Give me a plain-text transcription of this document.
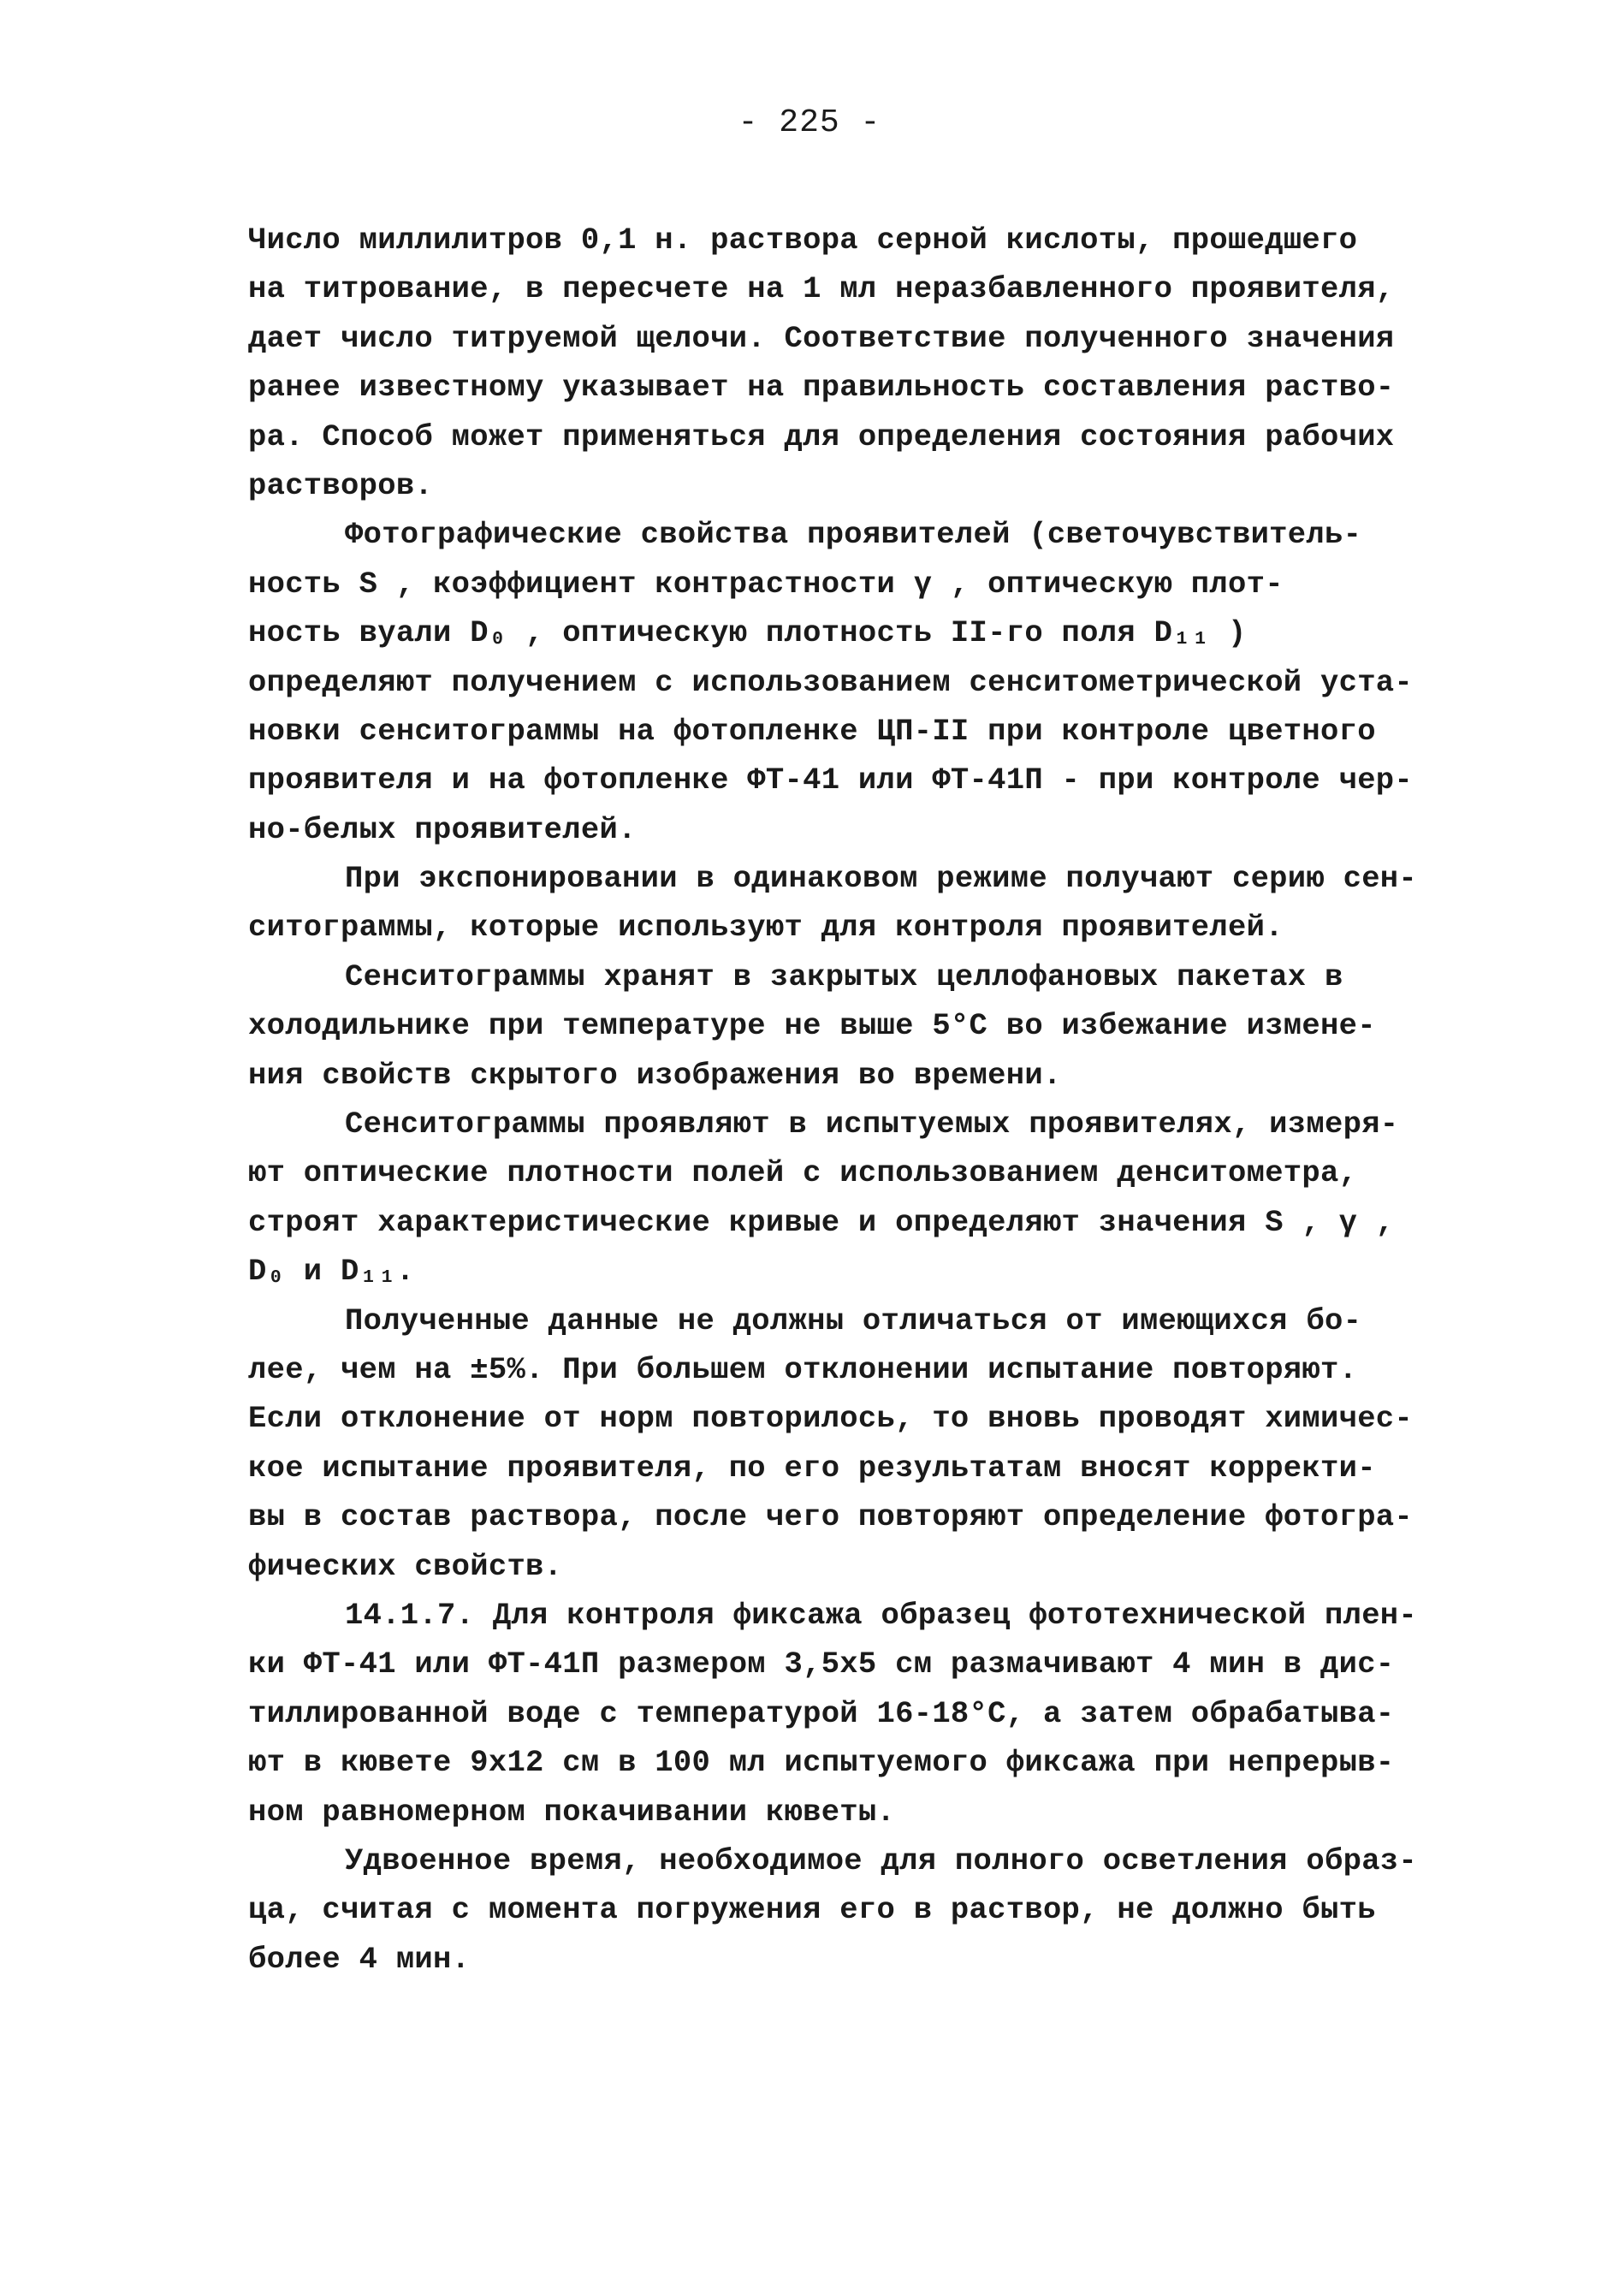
- 225 -
Число миллилитров 0,1 н. раствора серной кислоты, прошедшего
на титрование, в пересчете на 1 мл неразбавленного проявителя,
дает число титруемой щелочи. Соответствие полученного значения
ранее известному указывает на правильность составления раство-
ра. Способ может применяться для определения состояния рабочих
растворов.
Фотографические свойства проявителей (светочувствитель-
ность S , коэффициент контрастности γ , оптическую плот-
ность вуали D₀ , оптическую плотность II-го поля D₁₁ )
определяют получением с использованием сенситометрической уста-
новки сенситограммы на фотопленке ЦП-II при контроле цветного
проявителя и на фотопленке ФТ-41 или ФТ-41П - при контроле чер-
но-белых проявителей.
При экспонировании в одинаковом режиме получают серию сен-
ситограммы, которые используют для контроля проявителей.
Сенситограммы хранят в закрытых целлофановых пакетах в
холодильнике при температуре не выше 5°С во избежание измене-
ния свойств скрытого изображения во времени.
Сенситограммы проявляют в испытуемых проявителях, измеря-
ют оптические плотности полей с использованием денситометра,
строят характеристические кривые и определяют значения S , γ ,
D₀ и D₁₁.
Полученные данные не должны отличаться от имеющихся бо-
лее, чем на ±5%. При большем отклонении испытание повторяют.
Если отклонение от норм повторилось, то вновь проводят химичес-
кое испытание проявителя, по его результатам вносят корректи-
вы в состав раствора, после чего повторяют определение фотогра-
фических свойств.
14.1.7. Для контроля фиксажа образец фототехнической плен-
ки ФТ-41 или ФТ-41П размером 3,5x5 см размачивают 4 мин в дис-
тиллированной воде с температурой 16-18°С, а затем обрабатыва-
ют в кювете 9x12 см в 100 мл испытуемого фиксажа при непрерыв-
ном равномерном покачивании кюветы.
Удвоенное время, необходимое для полного осветления образ-
ца, считая с момента погружения его в раствор, не должно быть
более 4 мин.
